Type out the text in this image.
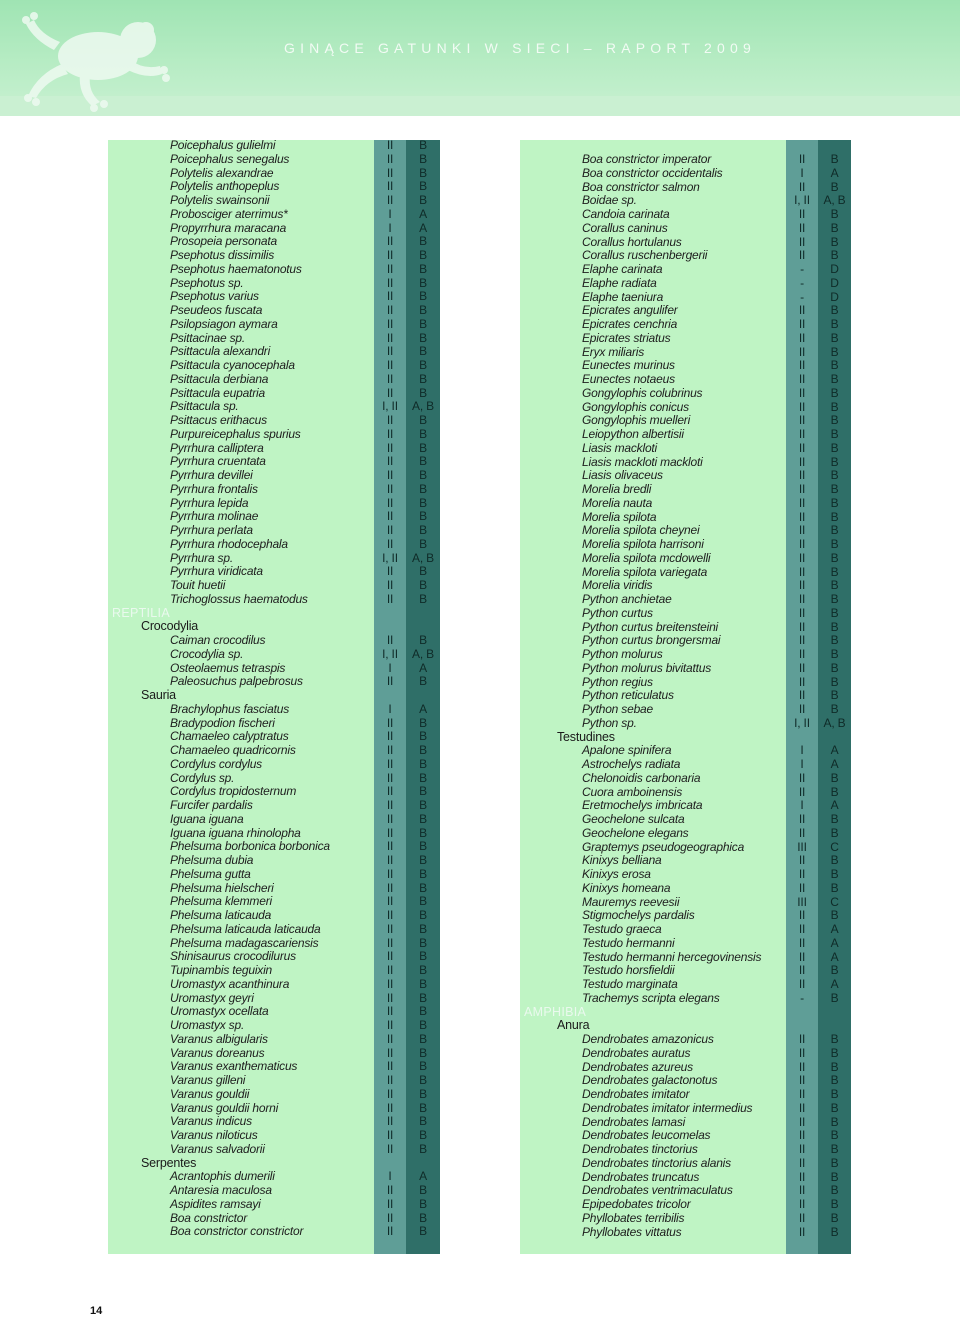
GINĄCE GATUNKI W SIECI – RAPORT 2009
Poicephalus gulielmi	II	B
Poicephalus senegalus	II	B
Polytelis alexandrae	II	B
Polytelis anthopeplus	II	B
Polytelis swainsonii	II	B
Probosciger aterrimus*	I	A
Propyrrhura maracana	I	A
Prosopeia personata	II	B
Psephotus dissimilis	II	B
Psephotus haematonotus	II	B
Psephotus sp.	II	B
Psephotus varius	II	B
Pseudeos fuscata	II	B
Psilopsiagon aymara	II	B
Psittacinae sp.	II	B
Psittacula alexandri	II	B
Psittacula cyanocephala	II	B
Psittacula derbiana	II	B
Psittacula eupatria	II	B
Psittacula sp.	I, II	A, B
Psittacus erithacus	II	B
Purpureicephalus spurius	II	B
Pyrrhura calliptera	II	B
Pyrrhura cruentata	II	B
Pyrrhura devillei	II	B
Pyrrhura frontalis	II	B
Pyrrhura lepida	II	B
Pyrrhura molinae	II	B
Pyrrhura perlata	II	B
Pyrrhura rhodocephala	II	B
Pyrrhura sp.	I, II	A, B
Pyrrhura viridicata	II	B
Touit huetii	II	B
Trichoglossus haematodus	II	B
REPTILIA
Crocodylia
Caiman crocodilus	II	B
Crocodylia sp.	I, II	A, B
Osteolaemus tetraspis	I	A
Paleosuchus palpebrosus	II	B
Sauria
Brachylophus fasciatus	I	A
Bradypodion fischeri	II	B
Chamaeleo calyptratus	II	B
Chamaeleo quadricornis	II	B
Cordylus cordylus	II	B
Cordylus sp.	II	B
Cordylus tropidosternum	II	B
Furcifer pardalis	II	B
Iguana iguana	II	B
Iguana iguana rhinolopha	II	B
Phelsuma borbonica borbonica	II	B
Phelsuma dubia	II	B
Phelsuma gutta	II	B
Phelsuma hielscheri	II	B
Phelsuma klemmeri	II	B
Phelsuma laticauda	II	B
Phelsuma laticauda laticauda	II	B
Phelsuma madagascariensis	II	B
Shinisaurus crocodilurus	II	B
Tupinambis teguixin	II	B
Uromastyx acanthinura	II	B
Uromastyx geyri	II	B
Uromastyx ocellata	II	B
Uromastyx sp.	II	B
Varanus albigularis	II	B
Varanus doreanus	II	B
Varanus exanthematicus	II	B
Varanus gilleni	II	B
Varanus gouldii	II	B
Varanus gouldii horni	II	B
Varanus indicus	II	B
Varanus niloticus	II	B
Varanus salvadorii	II	B
Serpentes
Acrantophis dumerili	I	A
Antaresia maculosa	II	B
Aspidites ramsayi	II	B
Boa constrictor	II	B
Boa constrictor constrictor	II	B
Boa constrictor imperator	II	B
Boa constrictor occidentalis	I	A
Boa constrictor salmon	II	B
Boidae sp.	I, II	A, B
Candoia carinata	II	B
Corallus caninus	II	B
Corallus hortulanus	II	B
Corallus ruschenbergerii	II	B
Elaphe carinata	-	D
Elaphe radiata	-	D
Elaphe taeniura	-	D
Epicrates angulifer	II	B
Epicrates cenchria	II	B
Epicrates striatus	II	B
Eryx miliaris	II	B
Eunectes murinus	II	B
Eunectes notaeus	II	B
Gongylophis colubrinus	II	B
Gongylophis conicus	II	B
Gongylophis muelleri	II	B
Leiopython albertisii	II	B
Liasis mackloti	II	B
Liasis mackloti mackloti	II	B
Liasis olivaceus	II	B
Morelia bredli	II	B
Morelia nauta	II	B
Morelia spilota	II	B
Morelia spilota cheynei	II	B
Morelia spilota harrisoni	II	B
Morelia spilota mcdowelli	II	B
Morelia spilota variegata	II	B
Morelia viridis	II	B
Python anchietae	II	B
Python curtus	II	B
Python curtus breitensteini	II	B
Python curtus brongersmai	II	B
Python molurus	II	B
Python molurus bivitattus	II	B
Python regius	II	B
Python reticulatus	II	B
Python sebae	II	B
Python sp.	I, II	A, B
Testudines
Apalone spinifera	I	A
Astrochelys radiata	I	A
Chelonoidis carbonaria	II	B
Cuora amboinensis	II	B
Eretmochelys imbricata	I	A
Geochelone sulcata	II	B
Geochelone elegans	II	B
Graptemys pseudogeographica	III	C
Kinixys belliana	II	B
Kinixys erosa	II	B
Kinixys homeana	II	B
Mauremys reevesii	III	C
Stigmochelys pardalis	II	B
Testudo graeca	II	A
Testudo hermanni	II	A
Testudo hermanni hercegovinensis	II	A
Testudo horsfieldii	II	B
Testudo marginata	II	A
Trachemys scripta elegans	-	B
AMPHIBIA
Anura
Dendrobates amazonicus	II	B
Dendrobates auratus	II	B
Dendrobates azureus	II	B
Dendrobates galactonotus	II	B
Dendrobates imitator	II	B
Dendrobates imitator intermedius	II	B
Dendrobates lamasi	II	B
Dendrobates leucomelas	II	B
Dendrobates tinctorius	II	B
Dendrobates tinctorius alanis	II	B
Dendrobates truncatus	II	B
Dendrobates ventrimaculatus	II	B
Epipedobates tricolor	II	B
Phyllobates terribilis	II	B
Phyllobates vittatus	II	B
14
